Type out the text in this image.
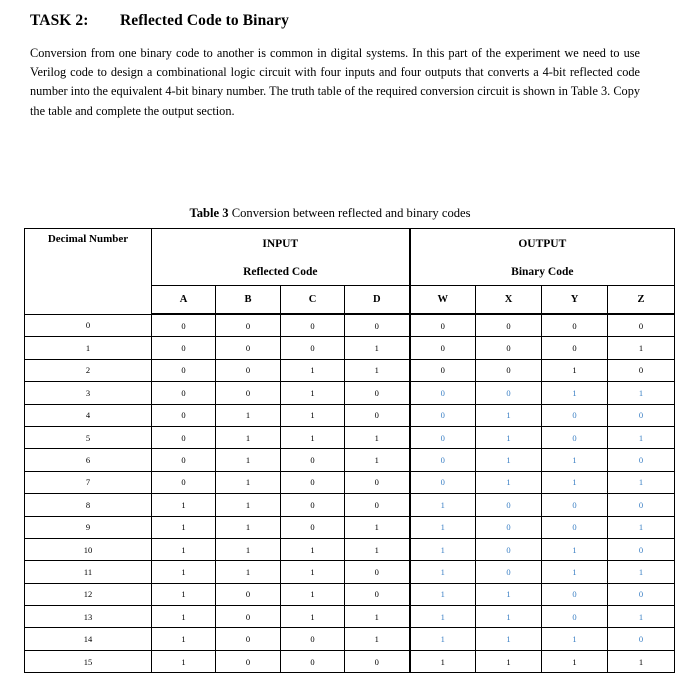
TASK 2: Reflected Code to Binary
Conversion from one binary code to another is common in digital systems. In this part of the experiment we need to use Verilog code to design a combinational logic circuit with four inputs and four outputs that converts a 4-bit reflected code number into the equivalent 4-bit binary number. The truth table of the required conversion circuit is shown in Table 3. Copy the table and complete the output section.
Table 3 Conversion between reflected and binary codes
Decimal Number	INPUT				OUTPUT			
	Reflected Code				Binary Code			
	A	B	C	D	W	X	Y	Z
0	0	0	0	0	0	0	0	0
1	0	0	0	1	0	0	0	1
2	0	0	1	1	0	0	1	0
3	0	0	1	0	0	0	1	1
4	0	1	1	0	0	1	0	0
5	0	1	1	1	0	1	0	1
6	0	1	0	1	0	1	1	0
7	0	1	0	0	0	1	1	1
8	1	1	0	0	1	0	0	0
9	1	1	0	1	1	0	0	1
10	1	1	1	1	1	0	1	0
11	1	1	1	0	1	0	1	1
12	1	0	1	0	1	1	0	0
13	1	0	1	1	1	1	0	1
14	1	0	0	1	1	1	1	0
15	1	0	0	0	1	1	1	1
